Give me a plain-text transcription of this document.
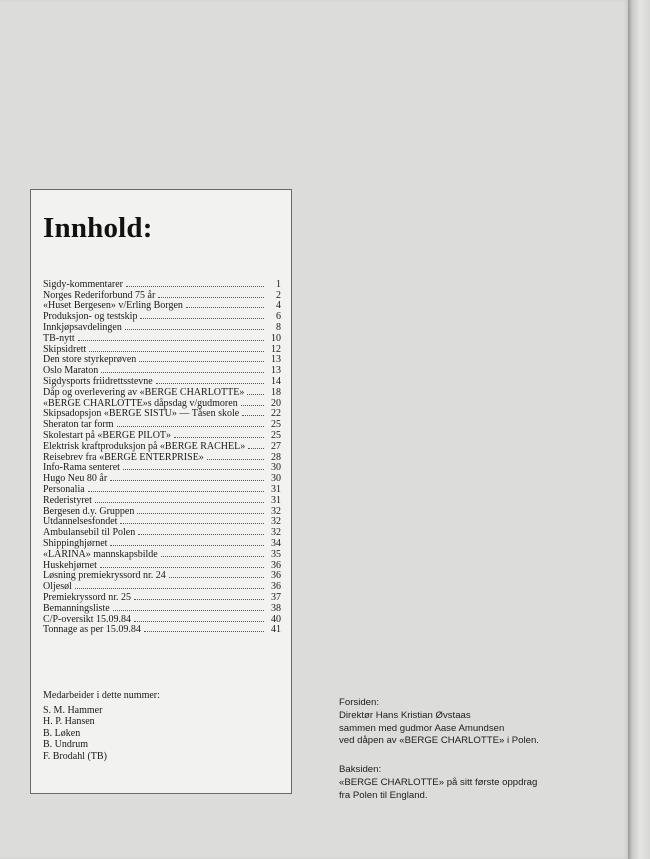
Innhold:
Sigdy-kommentarer	1
Norges Rederiforbund 75 år	2
«Huset Bergesen» v/Erling Borgen	4
Produksjon- og testskip	6
Innkjøpsavdelingen	8
TB-nytt	10
Skipsidrett	12
Den store styrkeprøven	13
Oslo Maraton	13
Sigdysports friidrettsstevne	14
Dåp og overlevering av «BERGE CHARLOTTE»	18
«BERGE CHARLOTTE»s dåpsdag v/gudmoren	20
Skipsadopsjon «BERGE SISTU» — Tåsen skole	22
Sheraton tar form	25
Skolestart på «BERGE PILOT»	25
Elektrisk kraftproduksjon på «BERGE RACHEL»	27
Reisebrev fra «BERGE ENTERPRISE»	28
Info-Rama senteret	30
Hugo Neu 80 år	30
Personalia	31
Rederistyret	31
Bergesen d.y. Gruppen	32
Utdannelsesfondet	32
Ambulansebil til Polen	32
Shippinghjørnet	34
«LARINA» mannskapsbilde	35
Huskehjørnet	36
Løsning premiekryssord nr. 24	36
Oljesøl	36
Premiekryssord nr. 25	37
Bemanningsliste	38
C/P-oversikt 15.09.84	40
Tonnage as per 15.09.84	41
Medarbeider i dette nummer:
S. M. Hammer
H. P. Hansen
B. Løken
B. Undrum
F. Brodahl (TB)

Forsiden:

Direktør Hans Kristian Øvstaas

sammen med gudmor Aase Amundsen

ved dåpen av «BERGE CHARLOTTE» i Polen.

Baksiden:

«BERGE CHARLOTTE» på sitt første oppdrag

fra Polen til England.
